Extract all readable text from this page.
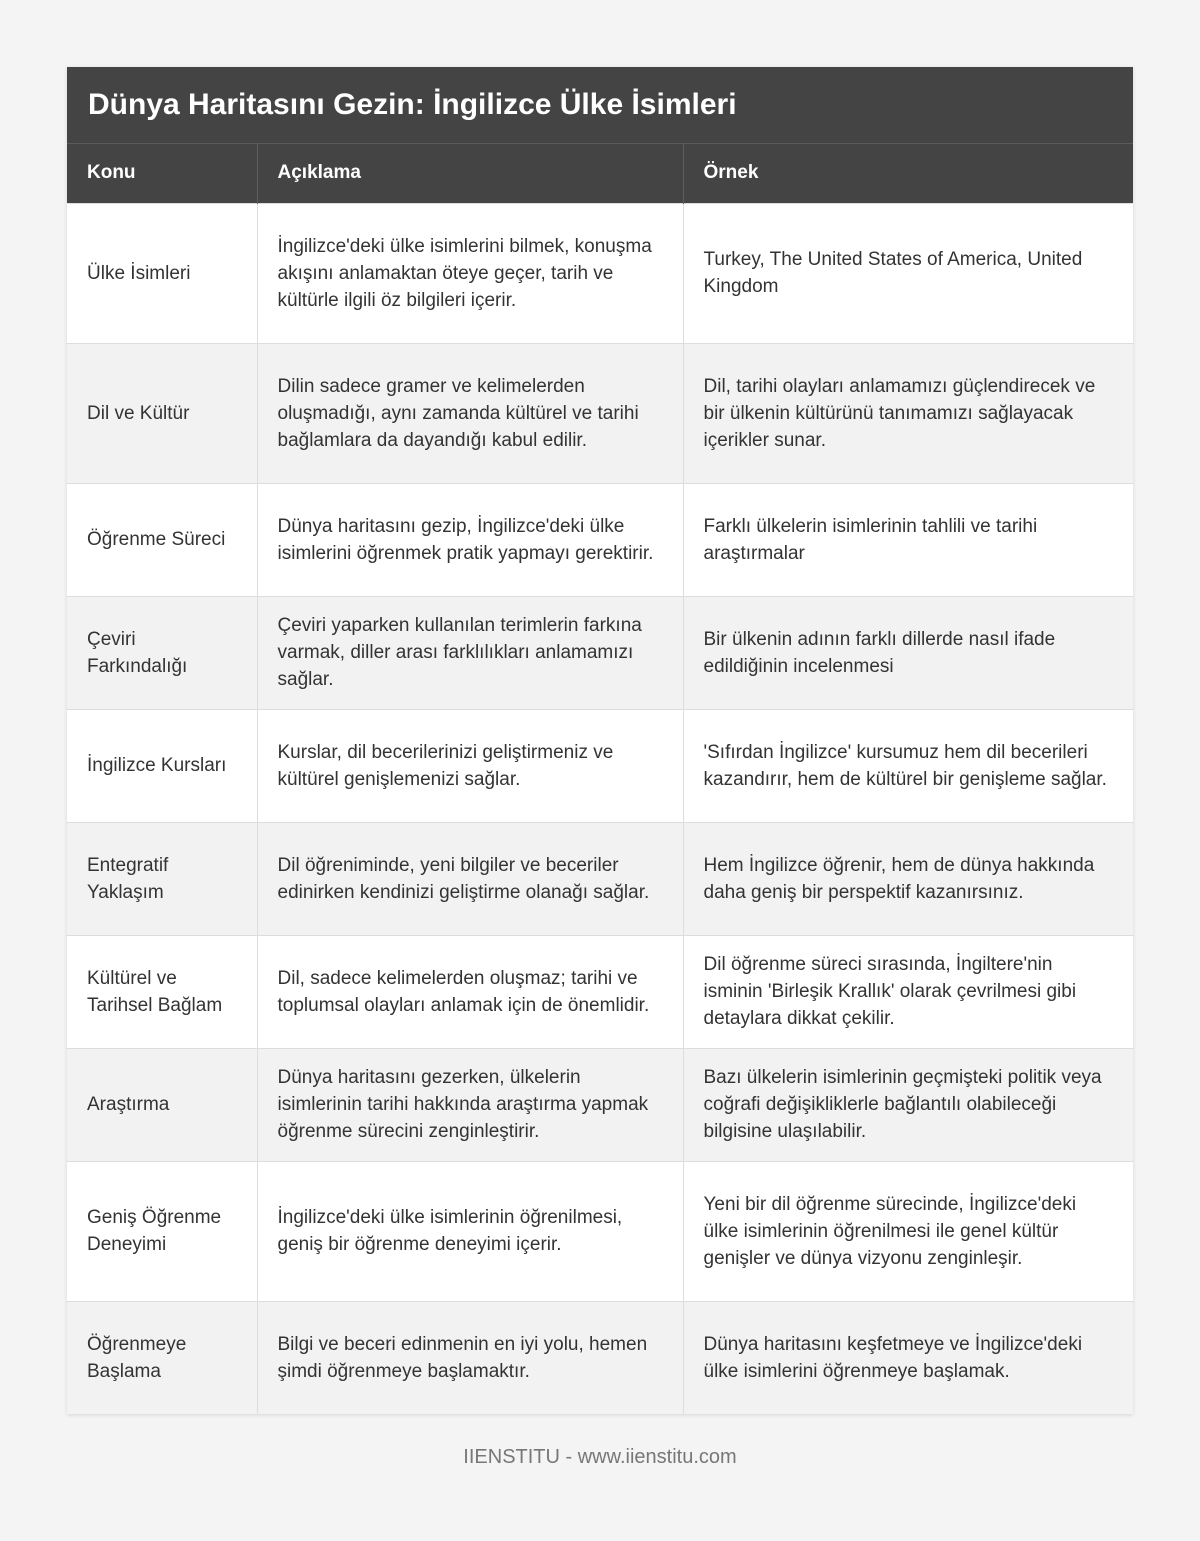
Dünya Haritasını Gezin: İngilizce Ülke İsimleri
Konu	Açıklama	Örnek
Ülke İsimleri	İngilizce'deki ülke isimlerini bilmek, konuşma akışını anlamaktan öteye geçer, tarih ve kültürle ilgili öz bilgileri içerir.	Turkey, The United States of America, United Kingdom
Dil ve Kültür	Dilin sadece gramer ve kelimelerden oluşmadığı, aynı zamanda kültürel ve tarihi bağlamlara da dayandığı kabul edilir.	Dil, tarihi olayları anlamamızı güçlendirecek ve bir ülkenin kültürünü tanımamızı sağlayacak içerikler sunar.
Öğrenme Süreci	Dünya haritasını gezip, İngilizce'deki ülke isimlerini öğrenmek pratik yapmayı gerektirir.	Farklı ülkelerin isimlerinin tahlili ve tarihi araştırmalar
Çeviri Farkındalığı	Çeviri yaparken kullanılan terimlerin farkına varmak, diller arası farklılıkları anlamamızı sağlar.	Bir ülkenin adının farklı dillerde nasıl ifade edildiğinin incelenmesi
İngilizce Kursları	Kurslar, dil becerilerinizi geliştirmeniz ve kültürel genişlemenizi sağlar.	'Sıfırdan İngilizce' kursumuz hem dil becerileri kazandırır, hem de kültürel bir genişleme sağlar.
Entegratif Yaklaşım	Dil öğreniminde, yeni bilgiler ve beceriler edinirken kendinizi geliştirme olanağı sağlar.	Hem İngilizce öğrenir, hem de dünya hakkında daha geniş bir perspektif kazanırsınız.
Kültürel ve Tarihsel Bağlam	Dil, sadece kelimelerden oluşmaz; tarihi ve toplumsal olayları anlamak için de önemlidir.	Dil öğrenme süreci sırasında, İngiltere'nin isminin 'Birleşik Krallık' olarak çevrilmesi gibi detaylara dikkat çekilir.
Araştırma	Dünya haritasını gezerken, ülkelerin isimlerinin tarihi hakkında araştırma yapmak öğrenme sürecini zenginleştirir.	Bazı ülkelerin isimlerinin geçmişteki politik veya coğrafi değişikliklerle bağlantılı olabileceği bilgisine ulaşılabilir.
Geniş Öğrenme Deneyimi	İngilizce'deki ülke isimlerinin öğrenilmesi, geniş bir öğrenme deneyimi içerir.	Yeni bir dil öğrenme sürecinde, İngilizce'deki ülke isimlerinin öğrenilmesi ile genel kültür genişler ve dünya vizyonu zenginleşir.
Öğrenmeye Başlama	Bilgi ve beceri edinmenin en iyi yolu, hemen şimdi öğrenmeye başlamaktır.	Dünya haritasını keşfetmeye ve İngilizce'deki ülke isimlerini öğrenmeye başlamak.
IIENSTITU - www.iienstitu.com
